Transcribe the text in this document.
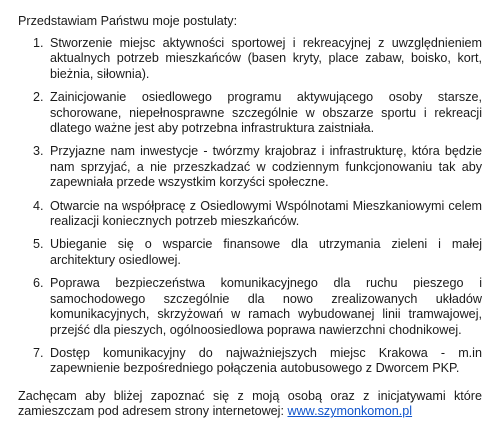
Przedstawiam Państwu moje postulaty:

1. Stworzenie miejsc aktywności sportowej i rekreacyjnej z uwzględnieniem aktualnych potrzeb mieszkańców (basen kryty, place zabaw, boisko, kort, bieżnia, siłownia).
2. Zainicjowanie osiedlowego programu aktywującego osoby starsze, schorowane, niepełnosprawne szczególnie w obszarze sportu i rekreacji dlatego ważne jest aby potrzebna infrastruktura zaistniała.
3. Przyjazne nam inwestycje - twórzmy krajobraz i infrastrukturę, która będzie nam sprzyjać, a nie przeszkadzać w codziennym funkcjonowaniu tak aby zapewniała przede wszystkim korzyści społeczne.
4. Otwarcie na współpracę z Osiedlowymi Wspólnotami Mieszkaniowymi celem realizacji koniecznych potrzeb mieszkańców.
5. Ubieganie się o wsparcie finansowe dla utrzymania zieleni i małej architektury osiedlowej.
6. Poprawa bezpieczeństwa komunikacyjnego dla ruchu pieszego i samochodowego szczególnie dla nowo zrealizowanych układów komunikacyjnych, skrzyżowań w ramach wybudowanej linii tramwajowej, przejść dla pieszych, ogólnoosiedlowa poprawa nawierzchni chodnikowej.
7. Dostęp komunikacyjny do najważniejszych miejsc Krakowa - m.in zapewnienie bezpośredniego połączenia autobusowego z Dworcem PKP.

Zachęcam aby bliżej zapoznać się z moją osobą oraz z inicjatywami które zamieszczam pod adresem strony internetowej: www.szymonkomon.pl
